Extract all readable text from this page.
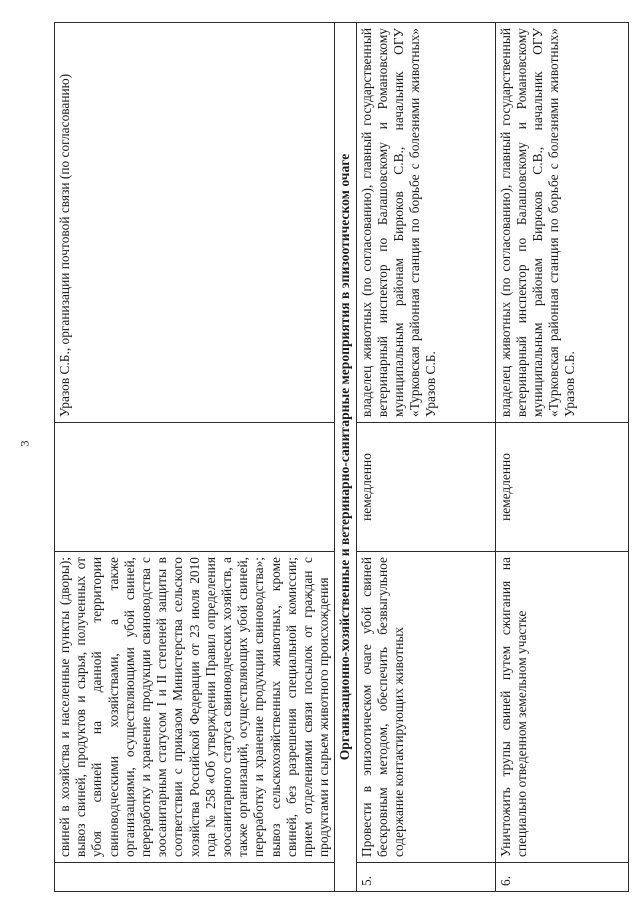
3
	свиней в хозяйства и населенные пункты (дворы); вывоз свиней, продуктов и сырья, полученных от убоя свиней на данной территории свиноводческими хозяйствами, а также организациями, осуществляющими убой свиней, переработку и хранение продукции свиноводства с зоосанитарным статусом I и II степеней защиты в соответствии с приказом Министерства сельского хозяйства Российской Федерации от 23 июля 2010 года № 258 «Об утверждении Правил определения зоосанитарного статуса свиноводческих хозяйств, а также организаций, осуществляющих убой свиней, переработку и хранение продукции свиноводства»; вывоз сельскохозяйственных животных, кроме свиней, без разрешения специальной комиссии; прием отделениями связи посылок от граждан с продуктами и сырьем животного происхождения		Уразов С.Б., организации почтовой связи (по согласованию)
Организационно-хозяйственные и ветеринарно-санитарные мероприятия в эпизоотическом очаге			
5.	Провести в эпизоотическом очаге убой свиней бескровным методом, обеспечить безвыгульное содержание контактирующих животных	немедленно	владелец животных (по согласованию), главный государственный ветеринарный инспектор по Балашовскому и Романовскому муниципальным районам Бирюков С.В., начальник ОГУ «Турковская районная станция по борьбе с болезнями животных» Уразов С.Б.
6.	Уничтожить трупы свиней путем сжигания на специально отведенном земельном участке	немедленно	владелец животных (по согласованию), главный государственный ветеринарный инспектор по Балашовскому и Романовскому муниципальным районам Бирюков С.В., начальник ОГУ «Турковская районная станция по борьбе с болезнями животных» Уразов С.Б.
